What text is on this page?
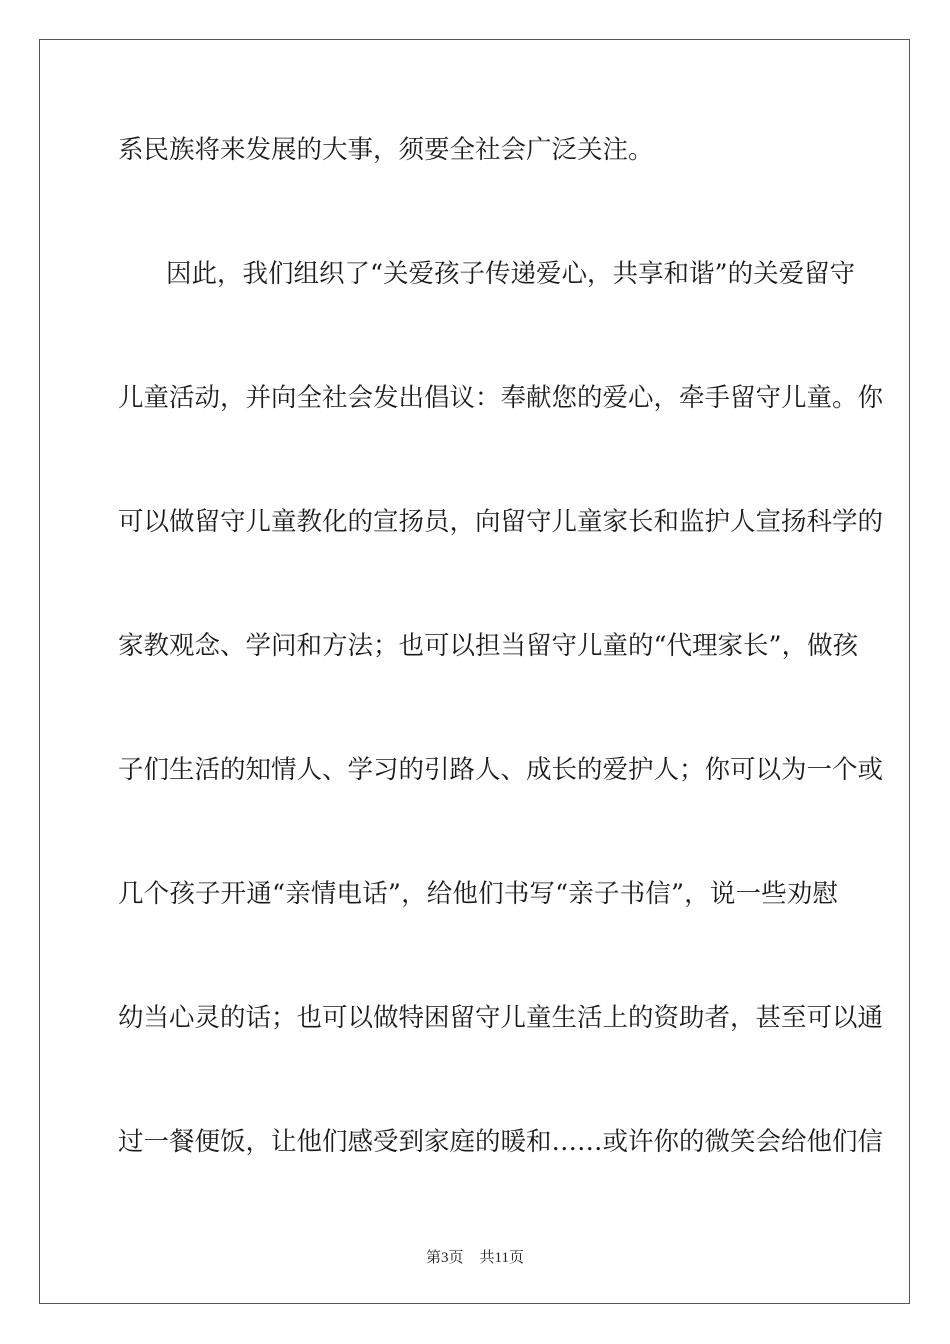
系民族将来发展的大事，须要全社会广泛关注。

因此，我们组织了“关爱孩子传递爱心，共享和谐”的关爱留守

儿童活动，并向全社会发出倡议：奉献您的爱心，牵手留守儿童。你

可以做留守儿童教化的宣扬员，向留守儿童家长和监护人宣扬科学的

家教观念、学问和方法；也可以担当留守儿童的“代理家长”，做孩

子们生活的知情人、学习的引路人、成长的爱护人；你可以为一个或

几个孩子开通“亲情电话”，给他们书写“亲子书信”，说一些劝慰

幼当心灵的话；也可以做特困留守儿童生活上的资助者，甚至可以通

过一餐便饭，让他们感受到家庭的暖和……或许你的微笑会给他们信

第3页 共11页
